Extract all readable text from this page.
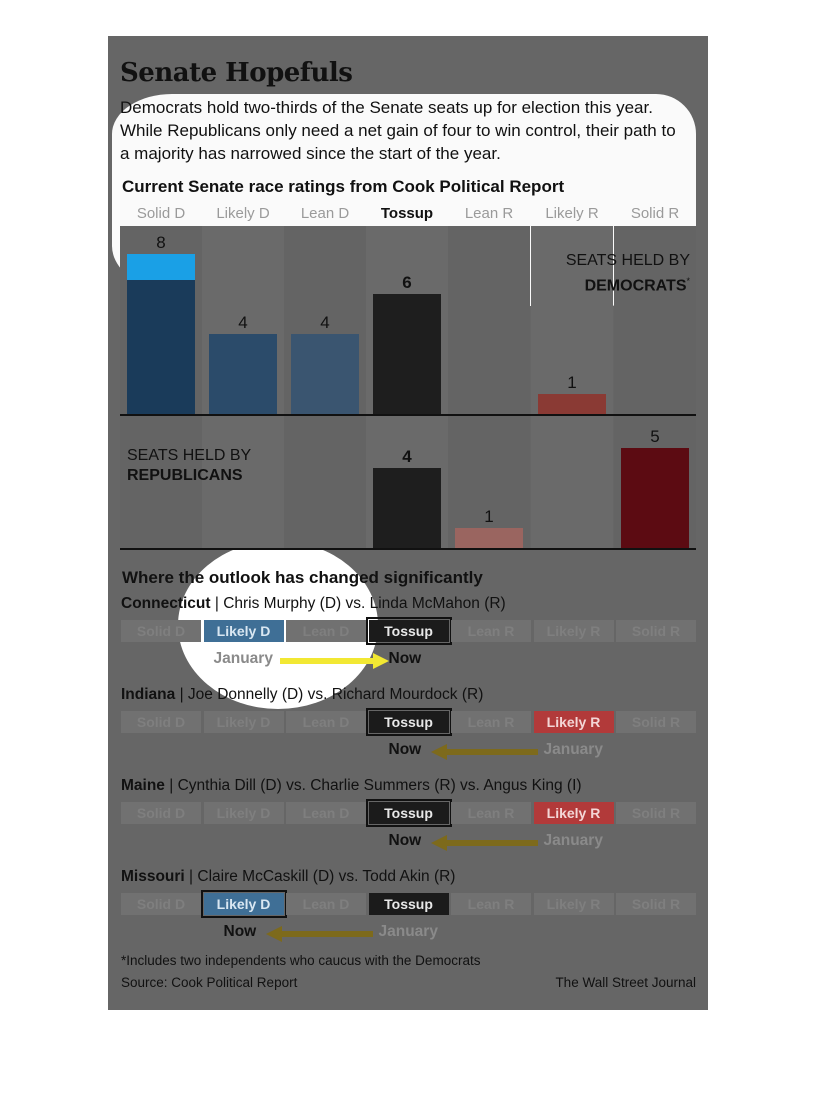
Senate Hopefuls

Democrats hold two-thirds of the Senate seats up for election this year. While Republicans only need a net gain of four to win control, their path to a majority has narrowed since the start of the year.

Current Senate race ratings from Cook Political Report

Solid D	Likely D	Lean D	Tossup	Lean R	Likely R	Solid R
8
4	4
6
1
4
1
5
SEATS HELD BY
DEMOCRATS*
SEATS HELD BY
REPUBLICANS

Where the outlook has changed significantly

Connecticut | Chris Murphy (D) vs. Linda McMahon (R)
Solid D	Likely D	Lean D	Tossup	Lean R	Likely R	Solid R
Now
January
Indiana | Joe Donnelly (D) vs. Richard Mourdock (R)
Solid D	Likely D	Lean D	Tossup	Lean R	Likely R	Solid R
Now	January
Maine | Cynthia Dill (D) vs. Charlie Summers (R) vs. Angus King (I)
Solid D	Likely D	Lean D	Tossup	Lean R	Likely R	Solid R
Now	January
Missouri | Claire McCaskill (D) vs. Todd Akin (R)
Solid D	Likely D	Lean D	Tossup	Lean R	Likely R	Solid R
Now	January
*Includes two independents who caucus with the Democrats
Source: Cook Political Report	The Wall Street Journal
